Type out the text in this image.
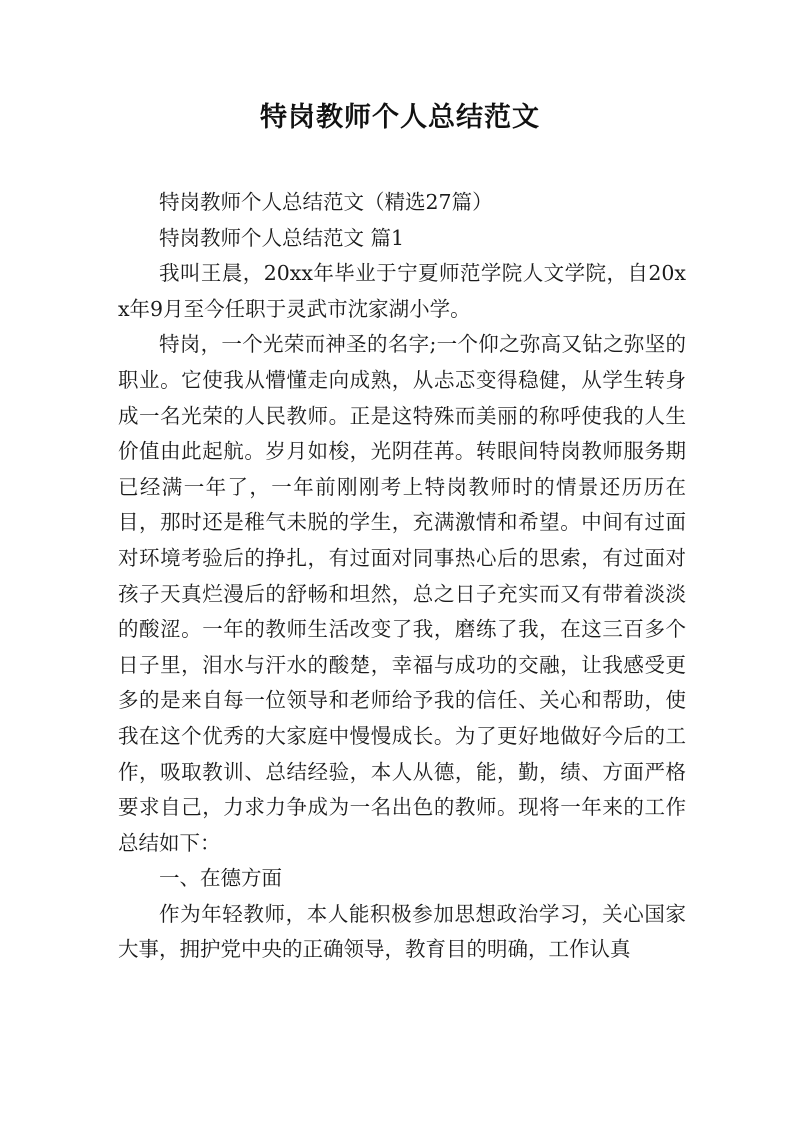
特岗教师个人总结范文

特岗教师个人总结范文（精选27篇）

特岗教师个人总结范文 篇1

我叫王晨，20xx年毕业于宁夏师范学院人文学院，自20xx年9月至今任职于灵武市沈家湖小学。

特岗，一个光荣而神圣的名字;一个仰之弥高又钻之弥坚的职业。它使我从懵懂走向成熟，从忐忑变得稳健，从学生转身成一名光荣的人民教师。正是这特殊而美丽的称呼使我的人生价值由此起航。岁月如梭，光阴荏苒。转眼间特岗教师服务期已经满一年了，一年前刚刚考上特岗教师时的情景还历历在目，那时还是稚气未脱的学生，充满激情和希望。中间有过面对环境考验后的挣扎，有过面对同事热心后的思索，有过面对孩子天真烂漫后的舒畅和坦然，总之日子充实而又有带着淡淡的酸涩。一年的教师生活改变了我，磨练了我，在这三百多个日子里，泪水与汗水的酸楚，幸福与成功的交融，让我感受更多的是来自每一位领导和老师给予我的信任、关心和帮助，使我在这个优秀的大家庭中慢慢成长。为了更好地做好今后的工作，吸取教训、总结经验，本人从德，能，勤，绩、方面严格要求自己，力求力争成为一名出色的教师。现将一年来的工作总结如下：

一、在德方面

作为年轻教师，本人能积极参加思想政治学习，关心国家大事，拥护党中央的正确领导，教育目的明确，工作认真
